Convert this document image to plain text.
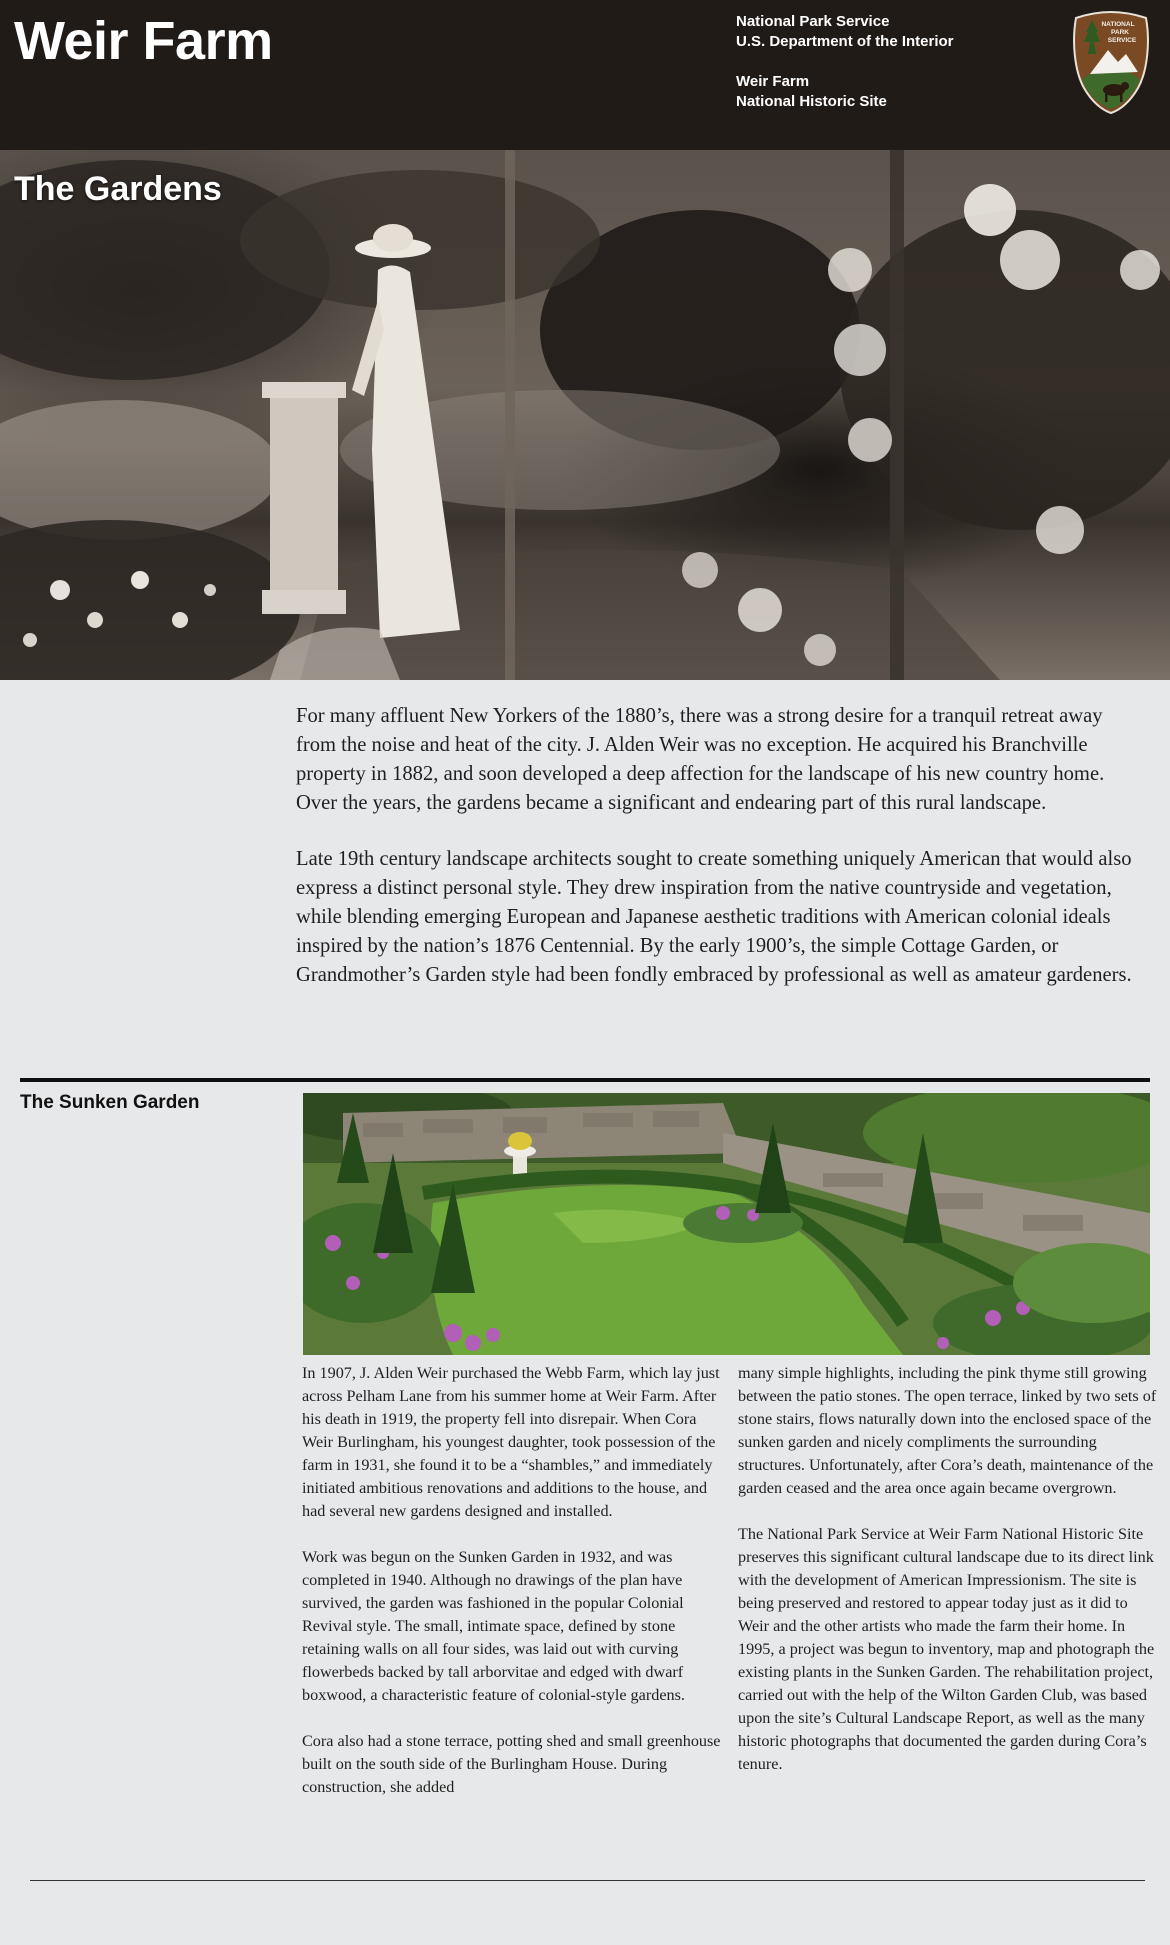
Weir Farm	National Park Service
U.S. Department of the Interior
Weir Farm
National Historic Site
NATIONAL
PARK
SERVICE
The Gardens

For many affluent New Yorkers of the 1880’s, there was a strong desire for a tranquil retreat away from the noise and heat of the city. J. Alden Weir was no exception. He acquired his Branchville property in 1882, and soon developed a deep affection for the landscape of his new country home. Over the years, the gardens became a significant and endearing part of this rural landscape.

Late 19th century landscape architects sought to create something uniquely American that would also express a distinct personal style. They drew inspiration from the native countryside and vegetation, while blending emerging European and Japanese aesthetic traditions with American colonial ideals inspired by the nation’s 1876 Centennial. By the early 1900’s, the simple Cottage Garden, or Grandmother’s Garden style had been fondly embraced by professional as well as amateur gardeners.

The Sunken Garden

In 1907, J. Alden Weir purchased the Webb Farm, which lay just across Pelham Lane from his summer home at Weir Farm. After his death in 1919, the property fell into disrepair. When Cora Weir Burlingham, his youngest daughter, took possession of the farm in 1931, she found it to be a “shambles,” and immediately initiated ambitious renovations and additions to the house, and had several new gardens designed and installed.

Work was begun on the Sunken Garden in 1932, and was completed in 1940. Although no drawings of the plan have survived, the garden was fashioned in the popular Colonial Revival style. The small, intimate space, defined by stone retaining walls on all four sides, was laid out with curving flowerbeds backed by tall arborvitae and edged with dwarf boxwood, a characteristic feature of colonial-style gardens.

Cora also had a stone terrace, potting shed and small greenhouse built on the south side of the Burlingham House. During construction, she added

many simple highlights, including the pink thyme still growing between the patio stones. The open terrace, linked by two sets of stone stairs, flows naturally down into the enclosed space of the sunken garden and nicely compliments the surrounding structures. Unfortunately, after Cora’s death, maintenance of the garden ceased and the area once again became overgrown.

The National Park Service at Weir Farm National Historic Site preserves this significant cultural landscape due to its direct link with the development of American Impressionism. The site is being preserved and restored to appear today just as it did to Weir and the other artists who made the farm their home. In 1995, a project was begun to inventory, map and photograph the existing plants in the Sunken Garden. The rehabilitation project, carried out with the help of the Wilton Garden Club, was based upon the site’s Cultural Landscape Report, as well as the many historic photographs that documented the garden during Cora’s tenure.
